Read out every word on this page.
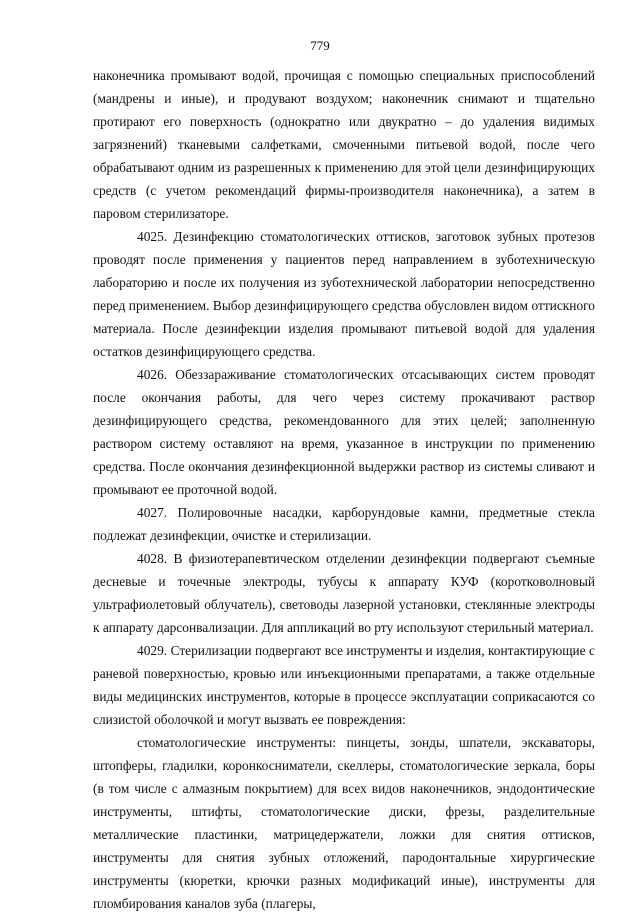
779

наконечника промывают водой, прочищая с помощью специальных приспособлений (мандрены и иные), и продувают воздухом; наконечник снимают и тщательно протирают его поверхность (однократно или двукратно – до удаления видимых загрязнений) тканевыми салфетками, смоченными питьевой водой, после чего обрабатывают одним из разрешенных к применению для этой цели дезинфицирующих средств (с учетом рекомендаций фирмы-производителя наконечника), а затем в паровом стерилизаторе.

4025. Дезинфекцию стоматологических оттисков, заготовок зубных протезов проводят после применения у пациентов перед направлением в зуботехническую лабораторию и после их получения из зуботехнической лаборатории непосредственно перед применением. Выбор дезинфицирующего средства обусловлен видом оттискного материала. После дезинфекции изделия промывают питьевой водой для удаления остатков дезинфицирующего средства.

4026. Обеззараживание стоматологических отсасывающих систем проводят после окончания работы, для чего через систему прокачивают раствор дезинфицирующего средства, рекомендованного для этих целей; заполненную раствором систему оставляют на время, указанное в инструкции по применению средства. После окончания дезинфекционной выдержки раствор из системы сливают и промывают ее проточной водой.

4027. Полировочные насадки, карборундовые камни, предметные стекла подлежат дезинфекции, очистке и стерилизации.

4028. В физиотерапевтическом отделении дезинфекции подвергают съемные десневые и точечные электроды, тубусы к аппарату КУФ (коротковолновый ультрафиолетовый облучатель), световоды лазерной установки, стеклянные электроды к аппарату дарсонвализации. Для аппликаций во рту используют стерильный материал.

4029. Стерилизации подвергают все инструменты и изделия, контактирующие с раневой поверхностью, кровью или инъекционными препаратами, а также отдельные виды медицинских инструментов, которые в процессе эксплуатации соприкасаются со слизистой оболочкой и могут вызвать ее повреждения:

стоматологические инструменты: пинцеты, зонды, шпатели, экскаваторы, штопферы, гладилки, коронкосниматели, скеллеры, стоматологические зеркала, боры (в том числе с алмазным покрытием) для всех видов наконечников, эндодонтические инструменты, штифты, стоматологические диски, фрезы, разделительные металлические пластинки, матрицедержатели, ложки для снятия оттисков, инструменты для снятия зубных отложений, пародонтальные хирургические инструменты (кюретки, крючки разных модификаций иные), инструменты для пломбирования каналов зуба (плагеры,
